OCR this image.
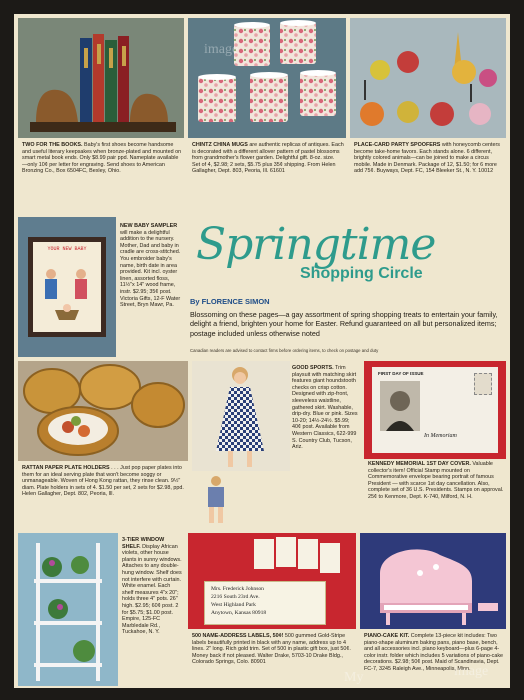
TWO FOR THE BOOKS. Baby's first shoes become handsome and useful literary keepsakes when bronze-plated and mounted on smart metal book ends. Only $8.99 pair ppd. Nameplate available—only 10¢ per letter for engraving. Send shoes to American Bronzing Co., Box 6504FC, Bexley, Ohio.
CHINTZ CHINA MUGS are authentic replicas of antiques. Each is decorated with a different allover pattern of pastel blossoms from grandmother's flower garden. Delightful gift. 8-oz. size. Set of 4, $2.98; 2 sets, $5.75 plus 35¢ shipping. From Helen Gallagher, Dept. 803, Peoria, Ill. 61601
PLACE-CARD PARTY SPOOFERS with honeycomb centers become take-home favors. Each stands alone. 6 different, brightly colored animals—can be joined to make a circus mobile. Made in Denmark. Package of 12, $1.50; for 6 more add 75¢. Buyways, Dept. FC, 154 Bleeker St., N. Y. 10012
YOUR NEW BABY
NEW BABY SAMPLER will make a delightful addition to the nursery. Mother, Dad and baby in cradle are cross-stitched. You embroider baby's name, birth date in area provided. Kit incl. oyster linen, assorted floss, 11½"x 14" wood frame, instr. $2.95; 35¢ post. Victoria Gifts, 12-F Water Street, Bryn Mawr, Pa.
Springtime
Shopping Circle
By FLORENCE SIMON
Blossoming on these pages—a gay assortment of spring shopping treats to entertain your family, delight a friend, brighten your home for Easter. Refund guaranteed on all but personalized items; postage included unless otherwise noted
Canadian readers are advised to contact firms before ordering items, to check on postage and duty
RATTAN PAPER PLATE HOLDERS . . . Just pop paper plates into them for an ideal serving plate that won't become soggy or unmanageable. Woven of Hong Kong rattan, they rinse clean. 9½" diam. Plate holders in sets of 4. $1.50 per set, 2 sets for $2.98, ppd. Helen Gallagher, Dept. 802, Peoria, Ill.
GOOD SPORTS. Trim playsuit with matching skirt features giant houndstooth checks on crisp cotton. Designed with zip-front, sleeveless waistline, gathered skirt. Washable, drip-dry. Blue or pink. Sizes 10-20; 14½-24½. $5.99; 40¢ post. Available from Western Classics, 622-999 S. Country Club, Tucson, Ariz.
FIRST DAY OF ISSUE
In Memoriam
KENNEDY MEMORIAL 1ST DAY COVER. Valuable collector's item! Official Stamp mounted on Commemorative envelope bearing portrait of famous President — with scarce 1st day cancellation. Also, complete set of 36 U.S. Presidents. Stamps on approval. 25¢ to Kenmore, Dept. K-740, Milford, N. H.
3-TIER WINDOW SHELF. Display African violets, other house plants in sunny windows. Attaches to any double-hung window. Shelf does not interfere with curtain. White enamel. Each shelf measures 4"x 20"; holds three 4" pots. 26" high. $2.95; 60¢ post. 2 for $5.75; $1.00 post. Empire, 125-FC Marbledale Rd., Tuckahoe, N. Y.
Mrs. Frederick Johnson
2216 South 23rd Ave.
West Highland Park
Anytown, Kansas 80918
500 NAME-ADDRESS LABELS, 50¢! 500 gummed Gold-Stripe labels beautifully printed in black with any name, address up to 4 lines. 2" long. Rich gold trim. Set of 500 in plastic gift box, just 50¢. Money back if not pleased. Walter Drake, 5703-10 Drake Bldg., Colorado Springs, Colo. 80901
PIANO-CAKE KIT. Complete 13-piece kit includes: Two piano-shape aluminum baking pans, piano base, bench, and all accessories incl. piano keyboard—plus 6-page 4-color instr. folder which includes 5 variations of piano-cake decorations. $2.98; 50¢ post. Maid of Scandinavia, Dept. FC-7, 3245 Raleigh Ave., Minneapolis, Minn.
image
My	image
